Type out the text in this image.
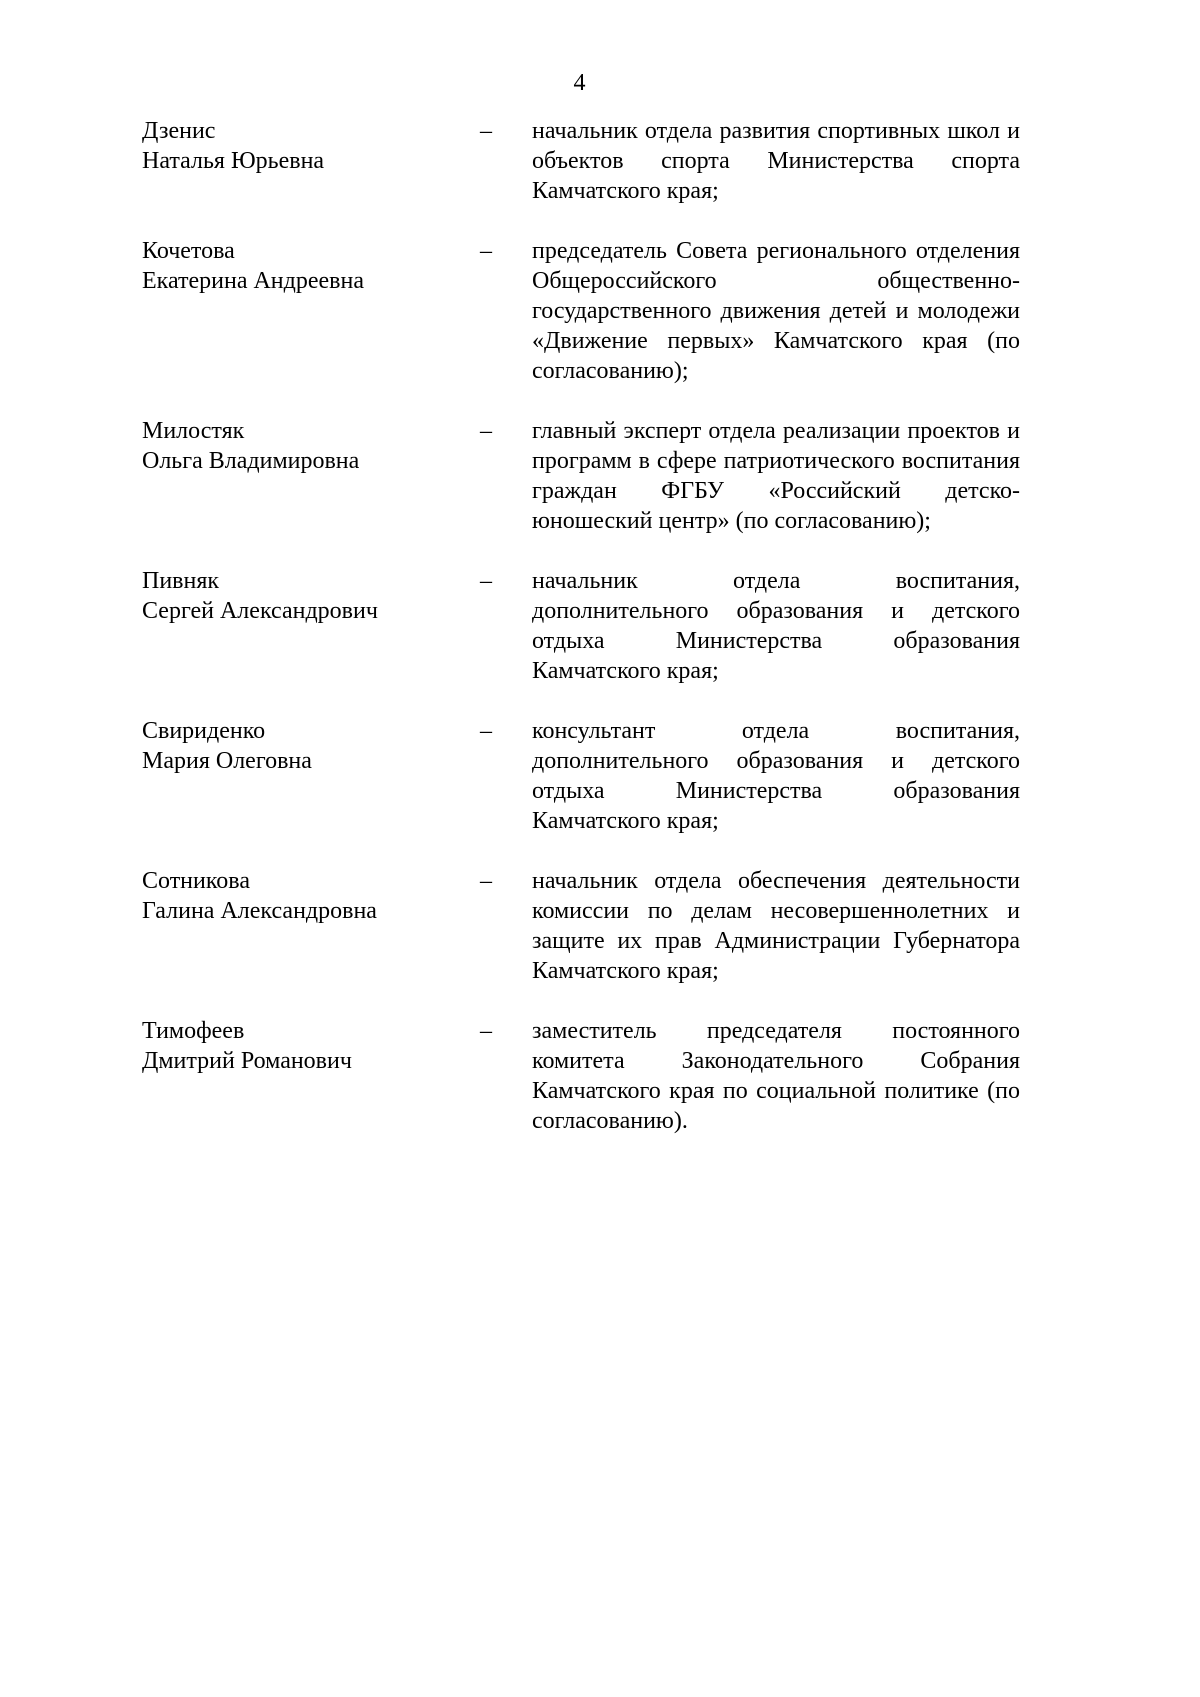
4
Дзенис
Наталья Юрьевна
–	начальник отдела развития спортивных школ и объектов спорта Министерства спорта Камчатского края;
Кочетова
Екатерина Андреевна
–	председатель Совета регионального отделения Общероссийского общественно-государственного движения детей и молодежи «Движение первых» Камчатского края (по согласованию);
Милостяк
Ольга Владимировна
–	главный эксперт отдела реализации проектов и программ в сфере патриотического воспитания граждан ФГБУ «Российский детско-юношеский центр» (по согласованию);
Пивняк
Сергей Александрович
–	начальник отдела воспитания, дополнительного образования и детского отдыха Министерства образования Камчатского края;
Свириденко
Мария Олеговна
–	консультант отдела воспитания, дополнительного образования и детского отдыха Министерства образования Камчатского края;
Сотникова
Галина Александровна
–	начальник отдела обеспечения деятельности комиссии по делам несовершеннолетних и защите их прав Администрации Губернатора Камчатского края;
Тимофеев
Дмитрий Романович
–	заместитель председателя постоянного комитета Законодательного Собрания Камчатского края по социальной политике (по согласованию).
